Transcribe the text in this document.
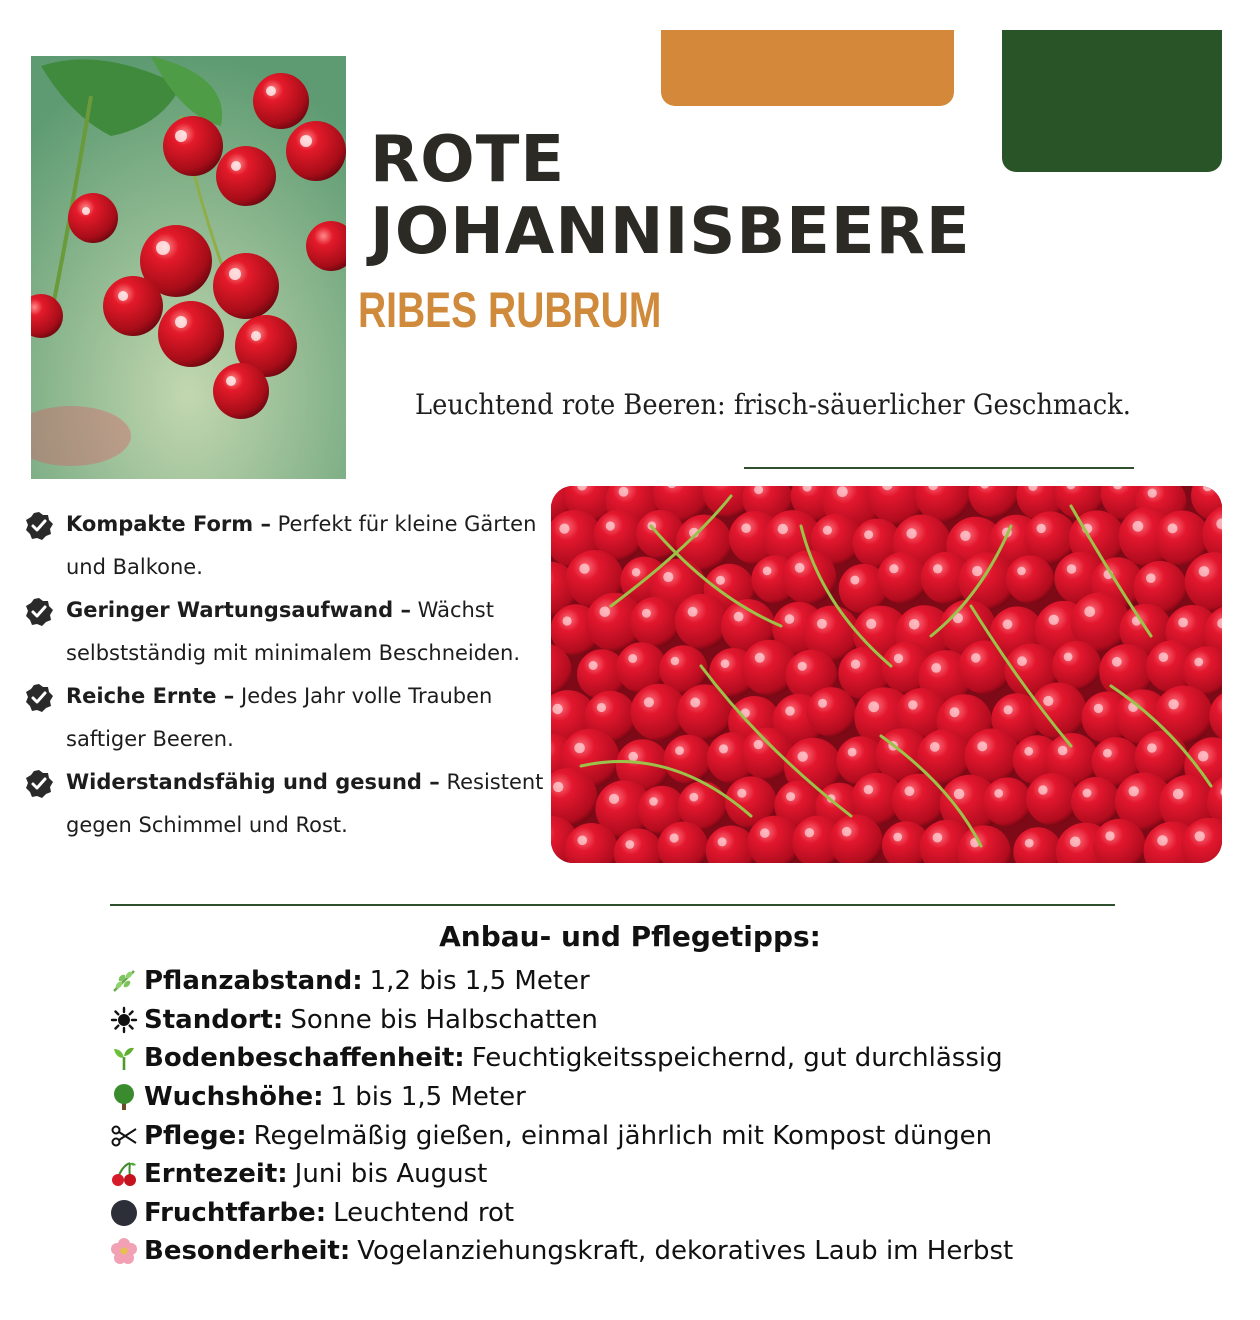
ROTE
JOHANNISBEERE
RIBES RUBRUM

Leuchtend rote Beeren: frisch-säuerlicher Geschmack.

Kompakte Form – Perfekt für kleine Gärten und Balkone.

Geringer Wartungsaufwand – Wächst selbstständig mit minimalem Beschneiden.

Reiche Ernte – Jedes Jahr volle Trauben saftiger Beeren.

Widerstandsfähig und gesund – Resistent gegen Schimmel und Rost.

Anbau- und Pflegetipps:
Pflanzabstand: 1,2 bis 1,5 Meter
Standort: Sonne bis Halbschatten
Bodenbeschaffenheit: Feuchtigkeitsspeichernd, gut durchlässig
Wuchshöhe: 1 bis 1,5 Meter
Pflege: Regelmäßig gießen, einmal jährlich mit Kompost düngen
Erntezeit: Juni bis August
Fruchtfarbe: Leuchtend rot
Besonderheit: Vogelanziehungskraft, dekoratives Laub im Herbst
